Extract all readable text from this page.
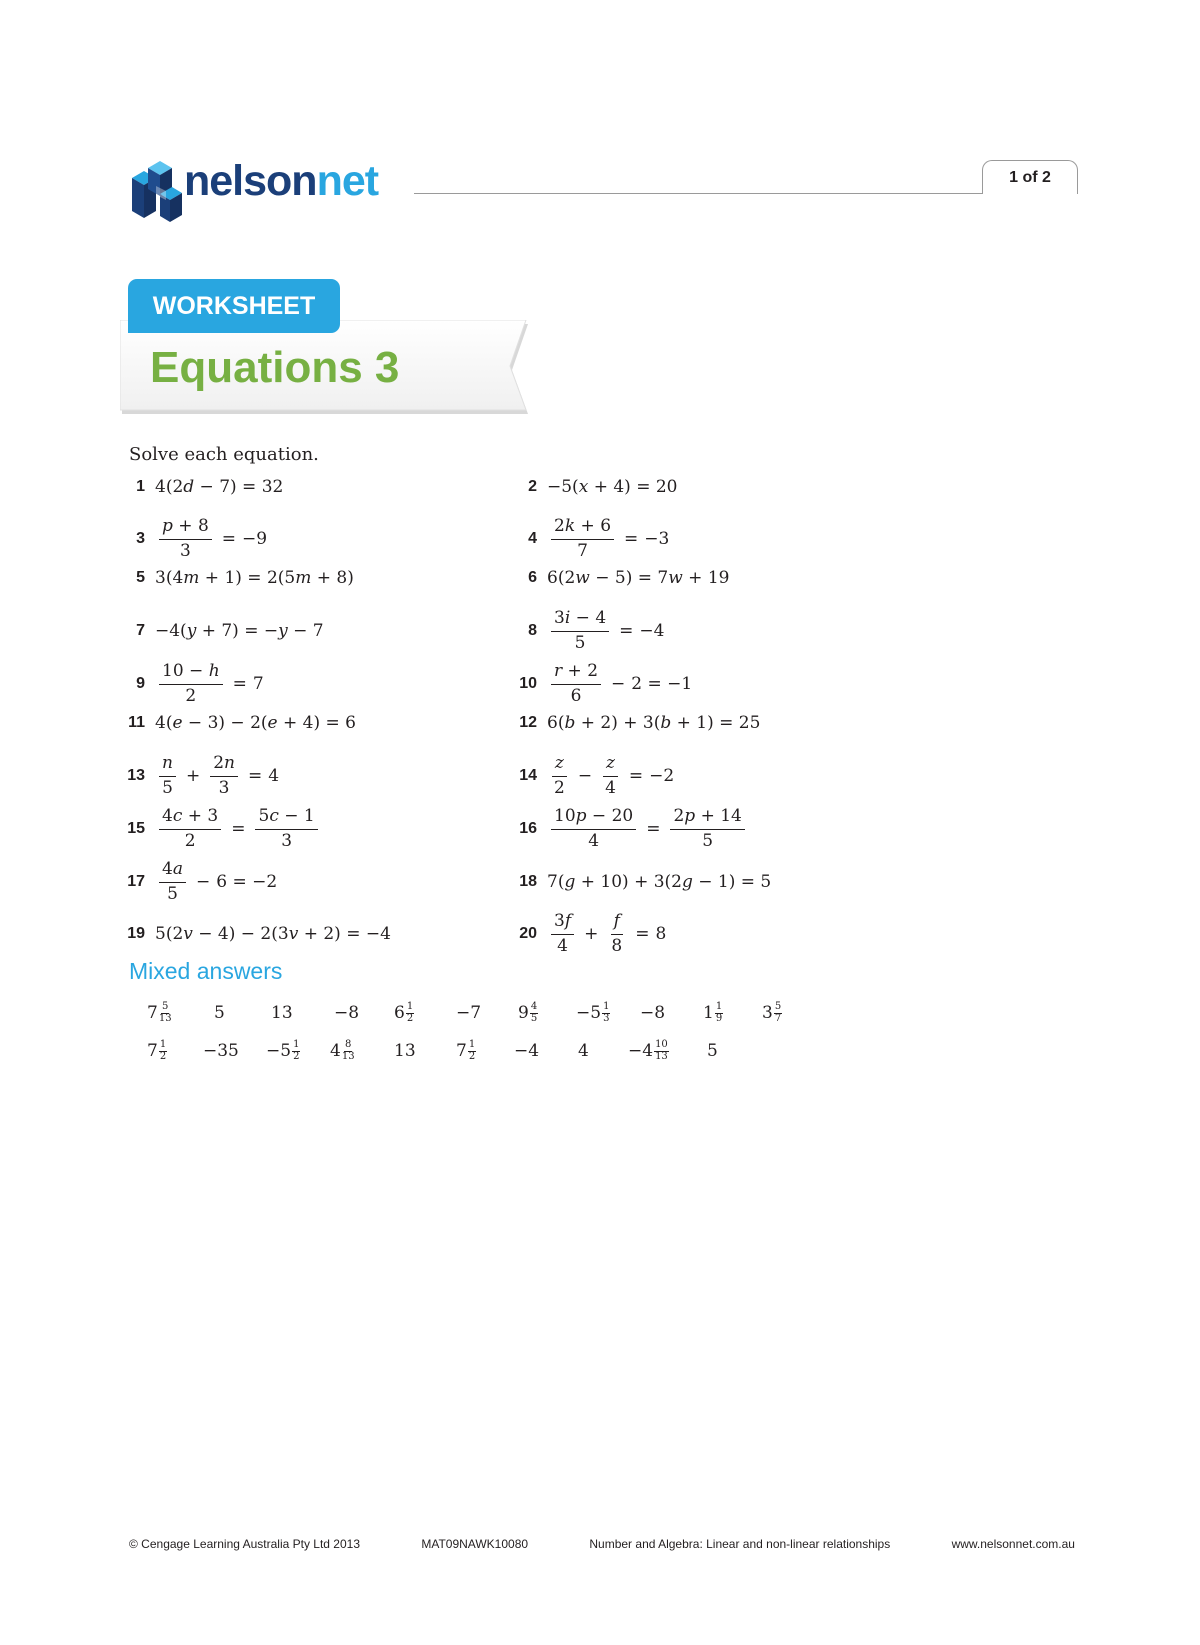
nelsonnet	1 of 2
WORKSHEET
Equations 3
Solve each equation.
1 4(2 d − 7) = 32
$3 \frac{p + 8}{3} = -9$
5 3(4 m + 1) = 2(5 m + 8)
7 −4( y + 7) = − y − 7
$9 \frac{10 - h}{2} = 7$
11 4( e − 3) − 2( e + 4) = 6
$13 \frac{n}{5} + \frac{2n}{3} = 4$
$15 \frac{4c + 3}{2} = \frac{5c - 1}{3}$
$17 \frac{4a}{5} - 6 = -2$
19 5(2 v − 4) − 2(3 v + 2) = −4
2 −5( x + 4) = 20
$4 \frac{2k + 6}{7} = -3$
6 6(2 w − 5) = 7 w + 19
$8 \frac{3i - 4}{5} = -4$
$10 \frac{r + 2}{6} - 2 = -1$
12 6( b + 2) + 3( b + 1) = 25
$14 \frac{z}{2} - \frac{z}{4} = -2$
$16 \frac{10p - 20}{4} = \frac{2p + 14}{5}$
18 7( g + 10) + 3(2 g − 1) = 5
$20 \frac{3f}{4} + \frac{f}{8} = 8$
Mixed answers
$7 \frac{5}{13} 5$	13 −8 $6 \frac{1}{2} -7$ $9 \frac{4}{5} -5 \frac{1}{3} -8$ $1 \frac{1}{9} 3 \frac{5}{7}$
$7 \frac{1}{2} -35 -5 \frac{1}{2} 4 \frac{8}{13} 13$ $7 \frac{1}{2} -4$ $4 -4 \frac{10}{13} 5$
© Cengage Learning Australia Pty Ltd 2013	MAT09NAWK10080	Number and Algebra: Linear and non-linear relationships	www.nelsonnet.com.au
